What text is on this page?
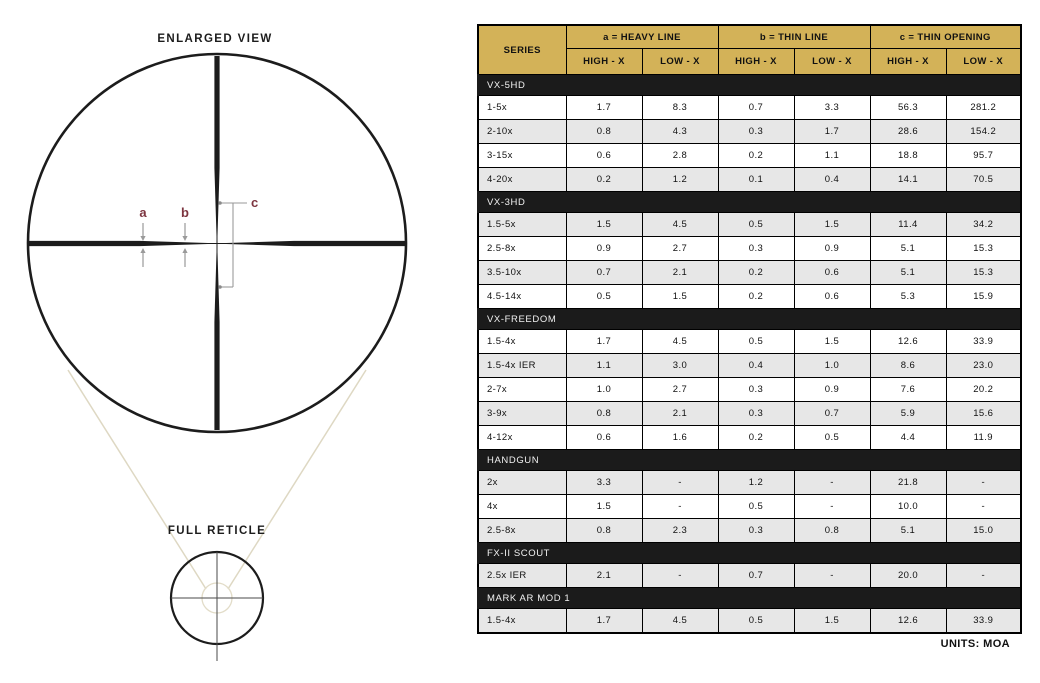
ENLARGED VIEW
a	b
c
FULL RETICLE
SERIES	a = HEAVY LINE		b = THIN LINE		c = THIN OPENING	
	HIGH - X	LOW - X	HIGH - X	LOW - X	HIGH - X	LOW - X
VX-5HD						
1-5x	1.7	8.3	0.7	3.3	56.3	281.2
2-10x	0.8	4.3	0.3	1.7	28.6	154.2
3-15x	0.6	2.8	0.2	1.1	18.8	95.7
4-20x	0.2	1.2	0.1	0.4	14.1	70.5
VX-3HD						
1.5-5x	1.5	4.5	0.5	1.5	11.4	34.2
2.5-8x	0.9	2.7	0.3	0.9	5.1	15.3
3.5-10x	0.7	2.1	0.2	0.6	5.1	15.3
4.5-14x	0.5	1.5	0.2	0.6	5.3	15.9
VX-FREEDOM						
1.5-4x	1.7	4.5	0.5	1.5	12.6	33.9
1.5-4x IER	1.1	3.0	0.4	1.0	8.6	23.0
2-7x	1.0	2.7	0.3	0.9	7.6	20.2
3-9x	0.8	2.1	0.3	0.7	5.9	15.6
4-12x	0.6	1.6	0.2	0.5	4.4	11.9
HANDGUN						
2x	3.3	-	1.2	-	21.8	-
4x	1.5	-	0.5	-	10.0	-
2.5-8x	0.8	2.3	0.3	0.8	5.1	15.0
FX-II SCOUT						
2.5x IER	2.1	-	0.7	-	20.0	-
MARK AR MOD 1						
1.5-4x	1.7	4.5	0.5	1.5	12.6	33.9
UNITS: MOA
